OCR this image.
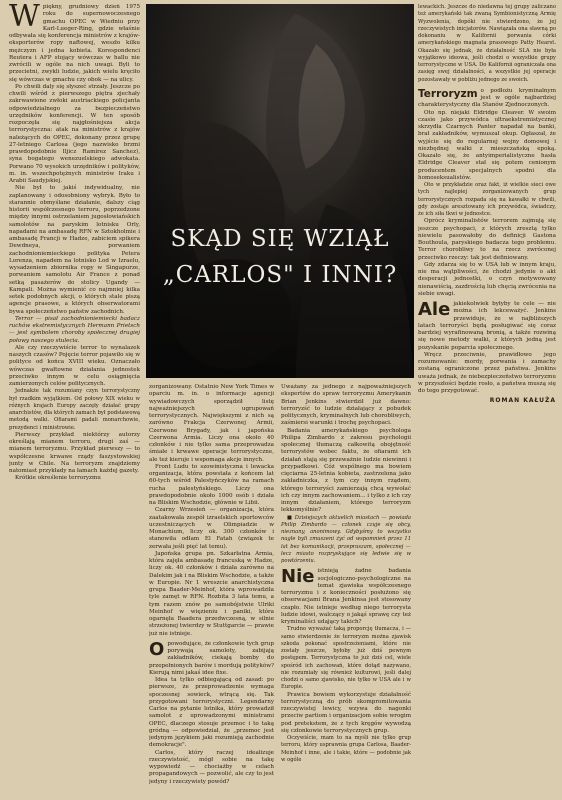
W piękny, grudniowy dzień 1975 roku do supernowoczesnego gmachu OPEC w Wiedniu przy Karl-Lueger-Ring, gdzie właśnie odbywała się konferencja ministrów z krajów-eksporterów ropy naftowej, weszło kilku mężczyzn i jedna kobieta. Korespondenci Reutera i AFP stojący wówczas w hallu nie zwrócili w ogóle na nich uwagi. Byli to przecietni, zwykli ludzie, jakich wielu kręciło się wówczas w gmachu czy obok — na ulicy.

Po chwili daly się słyszeć strzały. Jeszcze po chwili wśród z pierwszego piętra zjechały zakrwawione zwłoki austriackiego policjanta odpowiedzialnego za bezpieczeństwo urzędników konferencji. W ten sposób rozpoczęła się najgłośniejsza akcja terrorystyczna: atak na ministrów z krajów należących do OPEC, dokonany przez grupę 27-letniego Carlosa (jego nazwisko brzmi prawdopodobnie Iljicz Ramirez Sanchez), syna bogatego wenezuelskiego adwokata. Porwano 70 wysokich urzędników i polityków, m. in. wszechpotężnych ministrów Iraku i Arabii Saudyjskiej.

Nie był to jakiś indywidualny, nie zaplanowany i odosobniony wybryk. Było to starannie obmyślane działanie, dalszy ciąg historii współczesnego terroru, poprzedzone między innymi ostrzelaniem jugosłowiańskich samolotów na paryskim lotnisku Orly, napadami na ambasadę RFN w Sztokholmie i ambasadę Francji w Hadze, zabiciem spikera Dewdneya, porwaniem zachodnioniemieckiego polityka Petera Lorenza, napadem na lotnisko Lod w Izraelu, wysadzeniem zbiornika ropy w Singapurze, porwaniem samolotu Air France z ponad setką pasażerów do stolicy Ugandy — Kampali. Można wymienić co najmniej kilka setek podobnych akcji, o których stale piszą agencje prasowe, a których obserwatorami bywa społeczeństwo państw zachodnich.

Terror — pisał zachodnioniemiecki badacz ruchów ekstremistycznych Hermann Prietsch — jest symbolem choroby społecznej drugiej połowy naszego stulecia.

Ale czy rzeczywiście terror to wynalazek naszych czasów? Pojęcie terror pojawiło się w polityce od końca XVIII wieku. Oznaczało wówczas gwałtowne działania jednostek przeciwko innym w celu osiągnięcia zamierzonych celów politycznych.

Jednakże tak rozumiany czyn terrorystyczny był rzadkim wyjątkiem. Od połowy XIX wieku w różnych krajach Europy zaczęły działać grupy anarchistów, dla których zamach był podstawową metodą walki. Ofiarami padali monarchowie, prezydenci i ministrowie.

Pierwszy przykład niektórzy autorzy określają mianem terroru, drugi zaś — mianem terroryzmu. Przykład pierwszy — to współczesne krwawe rządy faszystowskiej junty w Chile. Na terroryzm znajdziemy natomiast przykłady na łamach każdej gazety.

Krótkie określenie terroryzmu

SKĄD SIĘ WZIĄŁ
„CARLOS" I INNI?

zorganizowany. Ostatnio New York Times w oparciu m. in. o informacje agencji wywiadowczych sporządził listę najważniejszych ugrupowań terrorystycznych. Największymi z nich są zarówno Frakcja Czerwonej Armii, Czerwone Brygady, jak i japońska Czerwona Armia. Liczy ona około 40 członków i nie tylko sama przeprowadza śmiałe i krwawe operacje terrorystyczne, ale też kieruje i wspomaga akcje innych.

Front Ludu to szowinistyczna i lewacka organizacja, która powstała z końcem lat 60-tych wśród Palestyńczyków na ramach rucha palestyńskiego. Liczy ona prawdopodobnie około 1000 osób i działa na Bliskim Wschodzie, głównie w Libii.

Czarny Wrzesień — organizacja, która zaatakowała zespół izraelskich sportowców uczestniczących w Olimpiadzie w Monachium, liczy ok. 300 członków i stanowiła odłam El Fatah (związek te zerwała jeśli pięć lat temu).

Japońska grupa pn. Szkarłatna Armia, która zajęła ambasadę francuską w Hadze, liczy ok. 40 członków i działa zarówno na Dalekim jak i na Bliskim Wschodzie, a także w Europie. Nr 1 wreszcie anarchistyczna grupa Baader-Meinhof, która wprowadziła tyle zamęt w RFN. Rozbita 3 lata temu, a tym razem znów po samobójstwie Ulriki Meinhof w więzieniu i paniki, która ogarnęła Baadera przedwczesną, w silnie strzeżonej twierdzy w Stuttgarcie — prawie już nie istnieje.

O powodujące, że członkowie tych grup porywają samoloty, zabijają zakładników, ciekają bomby do przepełnionych barów i mordują polityków? Kierują nimi jakaś idee fixe.

Idea ta tylko odbiegającą od zasad: po pierwsze, że przeprowadzenie wymaga spoczesnej sowieck, wtrącą się. Tak przygotowani terrorystyczni. Legendarny Carlos na pytanie lotnika, który prowadził samolot z uprowadzonymi ministrami OPEC, dlaczego stosuje przemoc i to taką gródną — odpowiedział, że „przemoc jest jedynym językiem jaki rozumieją zachodnie demokracje".

Carlos, który raczej idealizuje rzeczywistość, mógł sobie na takę wypowiedź — chociażby w celach propagandowych — pozwolić, ale czy to jest jedyny i rzeczywisty powód?

Uważany za jednego z najpoważniejszych ekspertów do spraw terroryzmu Amerykanin Brian Jenkins stwierdził już dawno: terroryzść to ludzie działający z pobudek politycznych, kryminalnych lub chorobliwych, zaśmiersi warunki i trochę psychopaci.

Badania amerykańskiego psychologa Philipa Zimbardo z zakresu psychologii społecznej tłumaczą całkowitą obojętność terrorystów wobec faktu, że ofiarami ich działań stają się przeważnie ludzie niewinni i przypadkowi. Cóż wspólnego ma bowiem cięciarna 25-letnia kobieta, zastrzelona jako zakładniczka, z tym czy innym rządem, którego terroryści zamierzają chcą wywołać ich czy innym zachowaniem... i tylko z ich czy innym działaniem, którego terroryzm lekkomyślnie?

■ Dzisiejszych aktuelich miastach — powiada Philip Zimbardo — członek czuje się obcy, nieznany, anonimowy. Gdybyśmy to wszystko nagle byli zmuszeni żyć od wspomnień przez 11 lat bez komunikacji, przepraszam, społecznej — lecz miasto rozpryskujące się ledwie się w powtórzeniu.

Nie istnieją żadne badania socjologiczno-psychologiczne na temat zjawiska współczesnego terroryzmu i z konieczności posłużono się obserwacjami Brana Jenkinsa jest stosowany czapło. Nie istnieje według niego terrorysta ludzie idowi, walczący o jakąś sprawę czy też kryminaliści udający takich?

Trudno wyważać taką proporcję tłumacza, i — samo stwierdzenie że terroryzm można zjawisk szkoda pokonać spostrzeżeniami, które nie zostały jeszcze, byłoby już dziś pewnym postępem. Terrorystyczna to już dziś cel, wiele spośród ich zachowań, które dotąd nazywano, nie rozumiały się również kulturowi, jeśli dalej chodzi o samo zjawisko, nie tylko w USA ale i w Europie.

Prawica bowiem wykorzystuje działalność terrorystyczną do prób skompromitowania rzeczywistej lewicy, wzywa do nagonki przeciw partiom i organizacjom sobie wrogim pod pretekstem, że z tych kręgów wywodzą się członkowie terrorystycznych grup.

Oczywiście, mam to na myśli nie tylko grup terroru, który usprawnia grupa Carlosa, Baader-Meinhof i inne, ale i takie, które — podobnie jak w ogóle

lewackich. Jeszcze do niedawna tej grupy zaliczano też amerykański tak zwaną Symbionistyczną Armię Wyzwolenia, dopóki nie stwierdzono, że jej rzeczywistych inicjatorów. Nawiązała ona sławną po dokonaniu w Kalifornii porwania córki amerykańskiego magnata prasowego Patty Hearst. Okazało się jednak, że działalność SLA nie była wyjątkowo ideowa, jeśli chodzi o wszystkie grupy terrorystyczne w USA. Do Kalifornii ograniczała ona zasięg swej działalności, a wszystkie jej operacje pozostawały w pobliżu jednego ze swoich.

Terroryzm o podłożu kryminalnym jest w ogóle najbardziej charakterystyczny dla Stanów Zjednoczonych.

Oto np. niejaki Eldridge Cleaver. W swoim czasie jako przywódca ultraekstremistycznej skrzydła Czarnych Panter napadał na banki, brał zakładników, wymuszał okup. Ogłaszał, że wyjście się do regularnej wojny domowej i niezbędnej walki z mieszczańską epoką. Okazało się, że antyimperialistyczne hasła Eldridge Cleaver stał się potem cenionym producentem specjalnych spodni dla homoseksualistów.

Oto w przykładzie oraz fakt, iż wielkie sieci owe tych najlepiej zorganizowanych grup terrorystycznych rozpada się na kawałki w chwili, gdy zostaje aresztowany ich przywódca, świadczy, że ich siła tkwi w jednostce.

Oprócz kryminalistów terrorem zajmują się jeszcze psychopaci, z których zresztą tylko niewielu pasowałoby do definicji Gastona Bouthoula, paryskiego badacza tego problemu. Terror chorobliwy to na rzecz zwróconej przeciwko rzeczy: tak jest definiowany.

Gdy zdarza się to w USA lub w innym kraju, nie ma wątpliwości, że chodzi jedynie o akt desperacji jednostki, o czyn motywowany nienawiścią, zazdrością lub chęcią zwrócenia na siebie uwagi.

Ale jakiekolwiek byłyby te cele — nie można ich lekceważyć. Jenkins przewiduje, że w najbliższych latach terroryści będą posługiwać się coraz bardziej wyrafinowaną bronią, a także rozwiną się nowe metody walki, z których jedną jest pozyskanie poparcia społecznego.

Wręcz przeciwnie, prawidłowo jego rozumowanie: mordy, porwania i zamachy zostaną ograniczone przez państwa. Jenkins uważa jednak, że niebezpieczeństwo terroryzmu w przyszłości będzie rosło, a państwa muszą się do tego przygotować.

ROMAN KAŁUŻA
